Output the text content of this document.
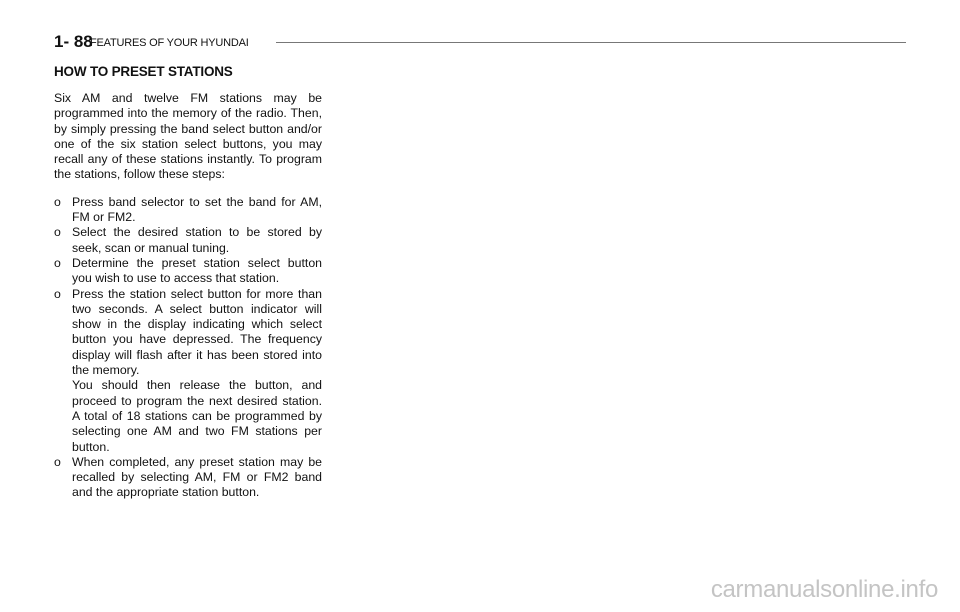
1- 88
FEATURES OF YOUR HYUNDAI
HOW TO PRESET STATIONS

Six AM and twelve FM stations may be programmed into the memory of the radio. Then, by simply pressing the band select button and/or one of the six station select buttons, you may recall any of these stations instantly. To program the stations, follow these steps:

o Press band selector to set the band for AM, FM or FM2.
o Select the desired station to be stored by seek, scan or manual tuning.
o Determine the preset station select button you wish to use to access that station.
o Press the station select button for more than two seconds. A select button indicator will show in the display indicating which select button you have depressed. The frequency display will flash after it has been stored into the memory.
You should then release the button, and proceed to program the next desired station. A total of 18 stations can be programmed by selecting one AM and two FM stations per button.
o When completed, any preset station may be recalled by selecting AM, FM or FM2 band and the appropriate station button.
carmanualsonline.info
